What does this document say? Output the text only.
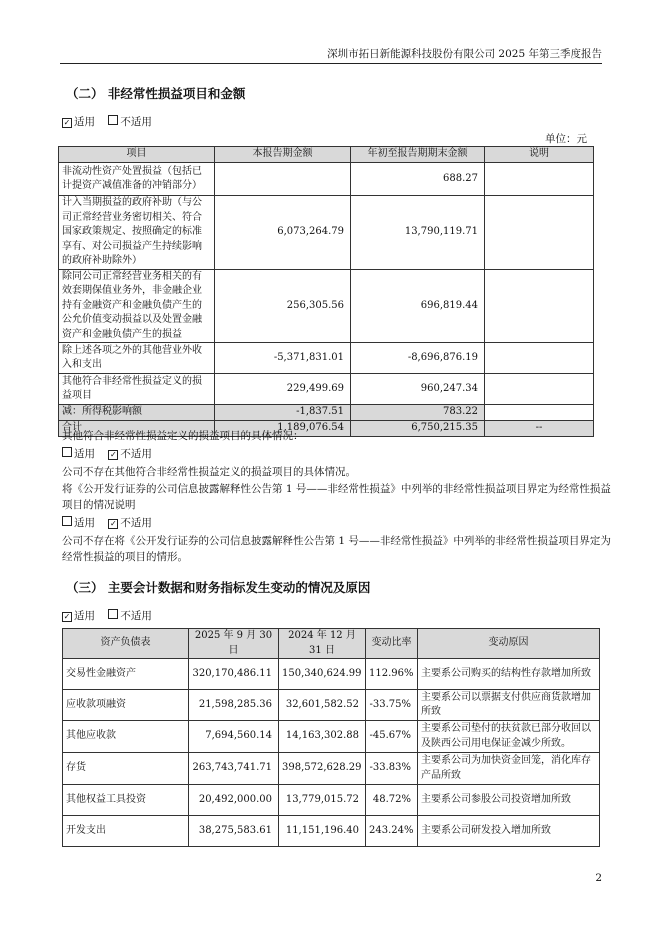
深圳市拓日新能源科技股份有限公司 2025 年第三季度报告
（二） 非经常性损益项目和金额
✓ 适用 不适用
单位：元
项目	本报告期金额	年初至报告期期末金额	说明
非流动性资产处置损益（包括已计提资产减值准备的冲销部分）		688.27	
计入当期损益的政府补助（与公司正常经营业务密切相关、符合国家政策规定、按照确定的标准享有、对公司损益产生持续影响的政府补助除外）	6,073,264.79	13,790,119.71	
除同公司正常经营业务相关的有效套期保值业务外，非金融企业持有金融资产和金融负债产生的公允价值变动损益以及处置金融资产和金融负债产生的损益	256,305.56	696,819.44	
除上述各项之外的其他营业外收入和支出	-5,371,831.01	-8,696,876.19	
其他符合非经常性损益定义的损益项目	229,499.69	960,247.34	
减：所得税影响额	-1,837.51	783.22	
合计	1,189,076.54	6,750,215.35	--
其他符合非经常性损益定义的损益项目的具体情况：
适用 ✓ 不适用
公司不存在其他符合非经常性损益定义的损益项目的具体情况。
将《公开发行证券的公司信息披露解释性公告第 1 号——非经常性损益》中列举的非经常性损益项目界定为经常性损益
项目的情况说明
适用 ✓ 不适用
公司不存在将《公开发行证券的公司信息披露解释性公告第 1 号——非经常性损益》中列举的非经常性损益项目界定为
经常性损益的项目的情形。
（三） 主要会计数据和财务指标发生变动的情况及原因
✓ 适用 不适用
资产负债表	2025 年 9 月 30 日	2024 年 12 月 31 日	变动比率	变动原因
交易性金融资产	320,170,486.11	150,340,624.99	112.96%	主要系公司购买的结构性存款增加所致
应收款项融资	21,598,285.36	32,601,582.52	-33.75%	主要系公司以票据支付供应商货款增加所致
其他应收款	7,694,560.14	14,163,302.88	-45.67%	主要系公司垫付的扶贫款已部分收回以及陕西公司用电保证金减少所致。
存货	263,743,741.71	398,572,628.29	-33.83%	主要系公司为加快资金回笼，消化库存产品所致
其他权益工具投资	20,492,000.00	13,779,015.72	48.72%	主要系公司参股公司投资增加所致
开发支出	38,275,583.61	11,151,196.40	243.24%	主要系公司研发投入增加所致
2
